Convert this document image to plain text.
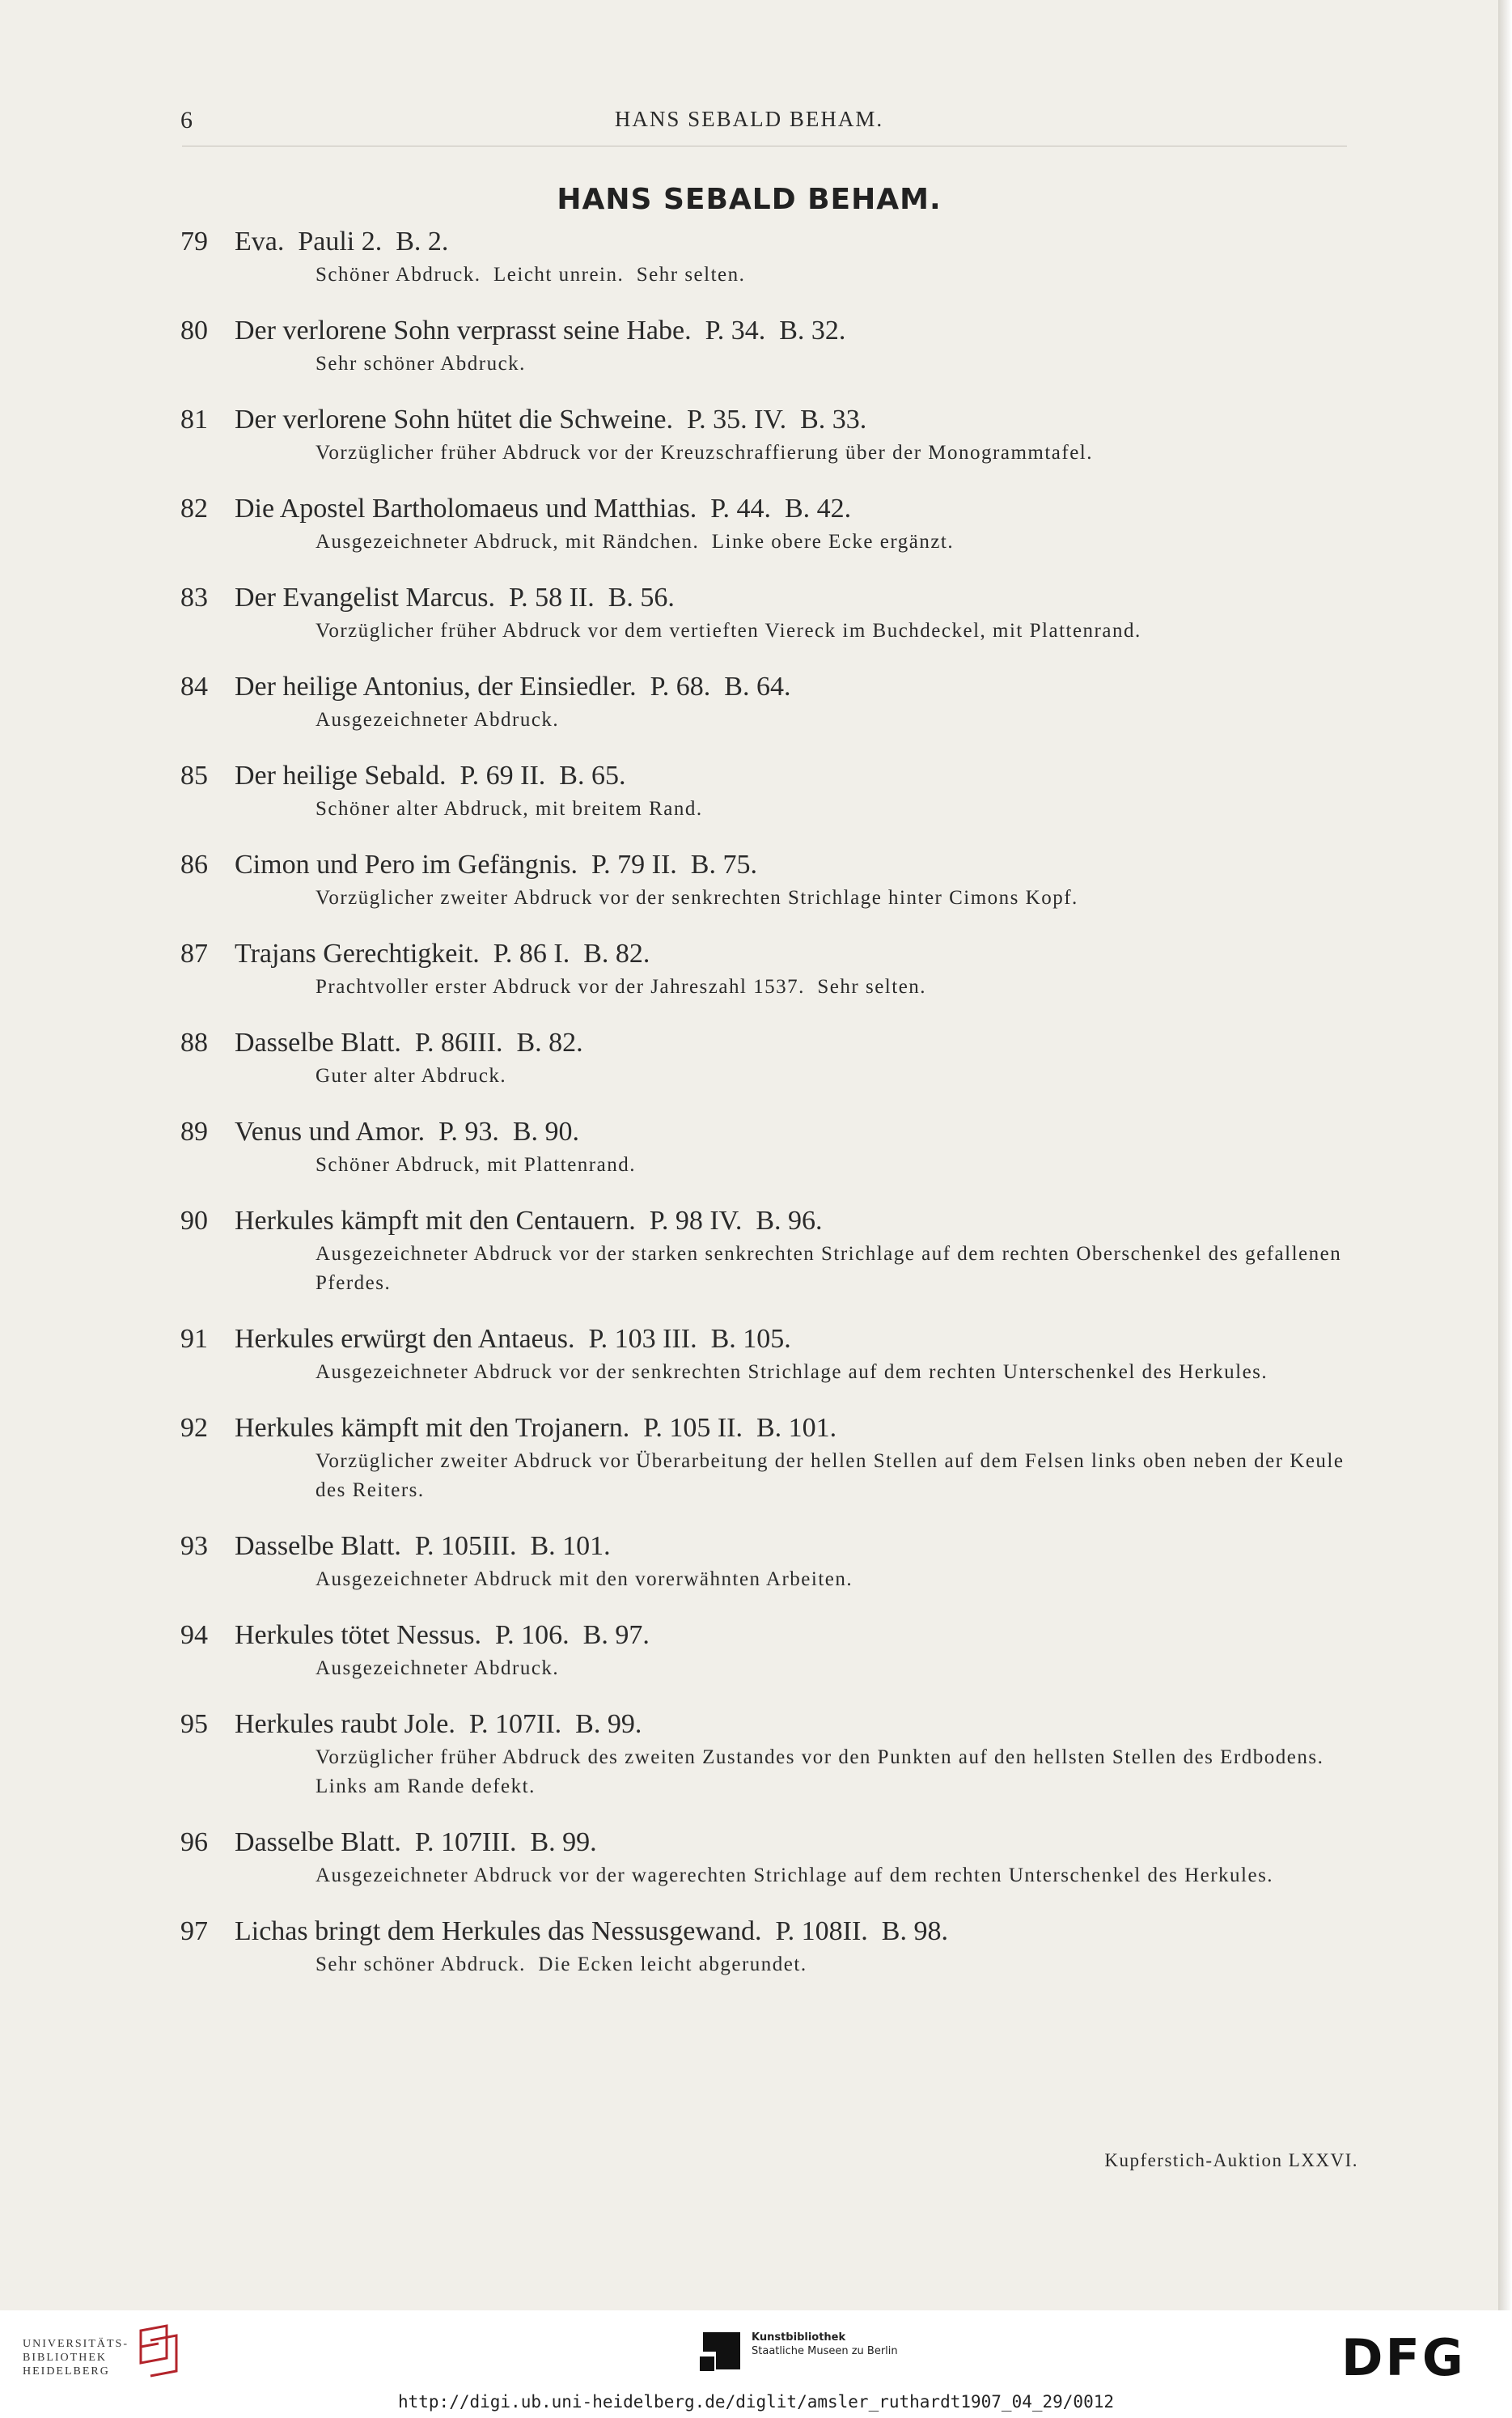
6	HANS SEBALD BEHAM.
HANS SEBALD BEHAM.
79 Eva.  Pauli 2.  B. 2.
Schöner Abdruck.  Leicht unrein.  Sehr selten.
80 Der verlorene Sohn verprasst seine Habe.  P. 34.  B. 32.
Sehr schöner Abdruck.
81 Der verlorene Sohn hütet die Schweine.  P. 35. IV.  B. 33.
Vorzüglicher früher Abdruck vor der Kreuzschraffierung über der Monogrammtafel.
82 Die Apostel Bartholomaeus und Matthias.  P. 44.  B. 42.
Ausgezeichneter Abdruck, mit Rändchen.  Linke obere Ecke ergänzt.
83 Der Evangelist Marcus.  P. 58 II.  B. 56.
Vorzüglicher früher Abdruck vor dem vertieften Viereck im Buchdeckel, mit Plattenrand.
84 Der heilige Antonius, der Einsiedler.  P. 68.  B. 64.
Ausgezeichneter Abdruck.
85 Der heilige Sebald.  P. 69 II.  B. 65.
Schöner alter Abdruck, mit breitem Rand.
86 Cimon und Pero im Gefängnis.  P. 79 II.  B. 75.
Vorzüglicher zweiter Abdruck vor der senkrechten Strichlage hinter Cimons Kopf.
87 Trajans Gerechtigkeit.  P. 86 I.  B. 82.
Prachtvoller erster Abdruck vor der Jahreszahl 1537.  Sehr selten.
88 Dasselbe Blatt.  P. 86III.  B. 82.
Guter alter Abdruck.
89 Venus und Amor.  P. 93.  B. 90.
Schöner Abdruck, mit Plattenrand.
90 Herkules kämpft mit den Centauern.  P. 98 IV.  B. 96.
Ausgezeichneter Abdruck vor der starken senkrechten Strichlage auf dem rechten Oberschenkel des gefallenen Pferdes.
91 Herkules erwürgt den Antaeus.  P. 103 III.  B. 105.
Ausgezeichneter Abdruck vor der senkrechten Strichlage auf dem rechten Unterschenkel des Herkules.
92 Herkules kämpft mit den Trojanern.  P. 105 II.  B. 101.
Vorzüglicher zweiter Abdruck vor Überarbeitung der hellen Stellen auf dem Felsen links oben neben der Keule des Reiters.
93 Dasselbe Blatt.  P. 105III.  B. 101.
Ausgezeichneter Abdruck mit den vorerwähnten Arbeiten.
94 Herkules tötet Nessus.  P. 106.  B. 97.
Ausgezeichneter Abdruck.
95 Herkules raubt Jole.  P. 107II.  B. 99.
Vorzüglicher früher Abdruck des zweiten Zustandes vor den Punkten auf den hellsten Stellen des Erdbodens.  Links am Rande defekt.
96 Dasselbe Blatt.  P. 107III.  B. 99.
Ausgezeichneter Abdruck vor der wagerechten Strichlage auf dem rechten Unterschenkel des Herkules.
97 Lichas bringt dem Herkules das Nessusgewand.  P. 108II.  B. 98.
Sehr schöner Abdruck.  Die Ecken leicht abgerundet.
Kupferstich-Auktion LXXVI.
UNIVERSITÄTS-
BIBLIOTHEK
HEIDELBERG
Kunstbibliothek
Staatliche Museen zu Berlin	DFG
http://digi.ub.uni-heidelberg.de/diglit/amsler_ruthardt1907_04_29/0012
